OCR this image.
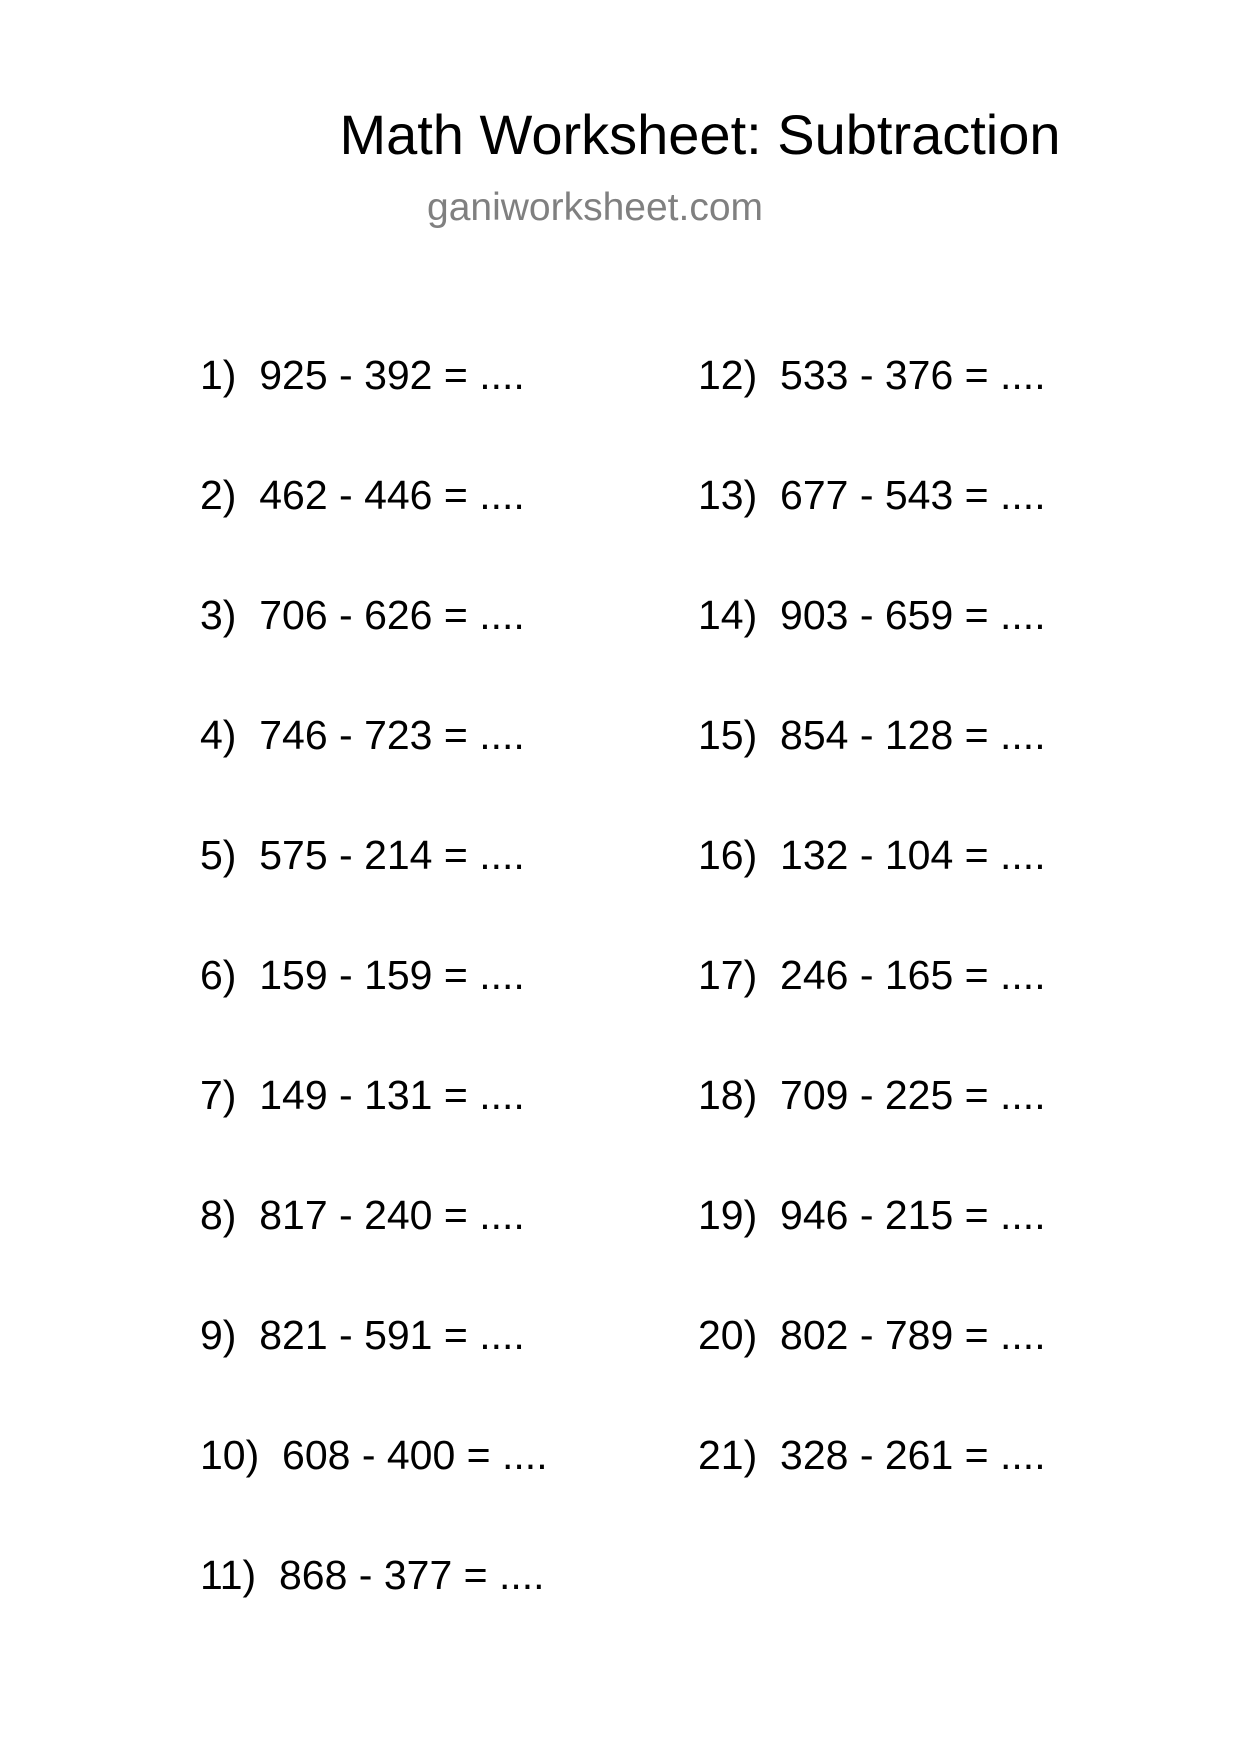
Math Worksheet: Subtraction
ganiworksheet.com
1)  925 - 392 = ....
2)  462 - 446 = ....
3)  706 - 626 = ....
4)  746 - 723 = ....
5)  575 - 214 = ....
6)  159 - 159 = ....
7)  149 - 131 = ....
8)  817 - 240 = ....
9)  821 - 591 = ....
10)  608 - 400 = ....
11)  868 - 377 = ....
12)  533 - 376 = ....
13)  677 - 543 = ....
14)  903 - 659 = ....
15)  854 - 128 = ....
16)  132 - 104 = ....
17)  246 - 165 = ....
18)  709 - 225 = ....
19)  946 - 215 = ....
20)  802 - 789 = ....
21)  328 - 261 = ....
